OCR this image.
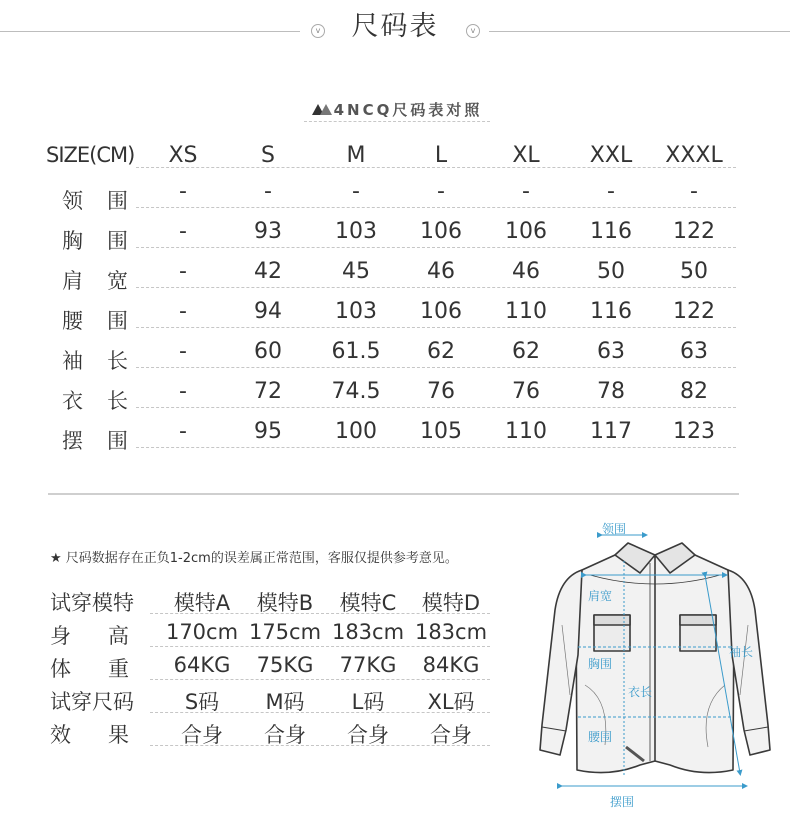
v	尺码表	v
4NCQ尺码表对照
SIZE(CM)	XS	S	M	L	XL	XXL	XXXL
领 围	-	-	-	-	-	-	-
胸 围	-	93	103	106	106	116	122
肩 宽	-	42	45	46	46	50	50
腰 围	-	94	103	106	110	116	122
袖 长	-	60	61.5	62	62	63	63
衣 长	-	72	74.5	76	76	78	82
摆 围	-	95	100	105	110	117	123
★ 尺码数据存在正负1-2cm的误差属正常范围，客服仅提供参考意见。
试穿模特	模特A	模特B	模特C	模特D
身 高 170cm 175cm 183cm 183cm
体 重	64KG	75KG	77KG	84KG
试穿尺码	S码	M码	L码	XL码
效 果	合身	合身	合身	合身
领围
肩宽
袖长
胸围
衣长
腰围
摆围
